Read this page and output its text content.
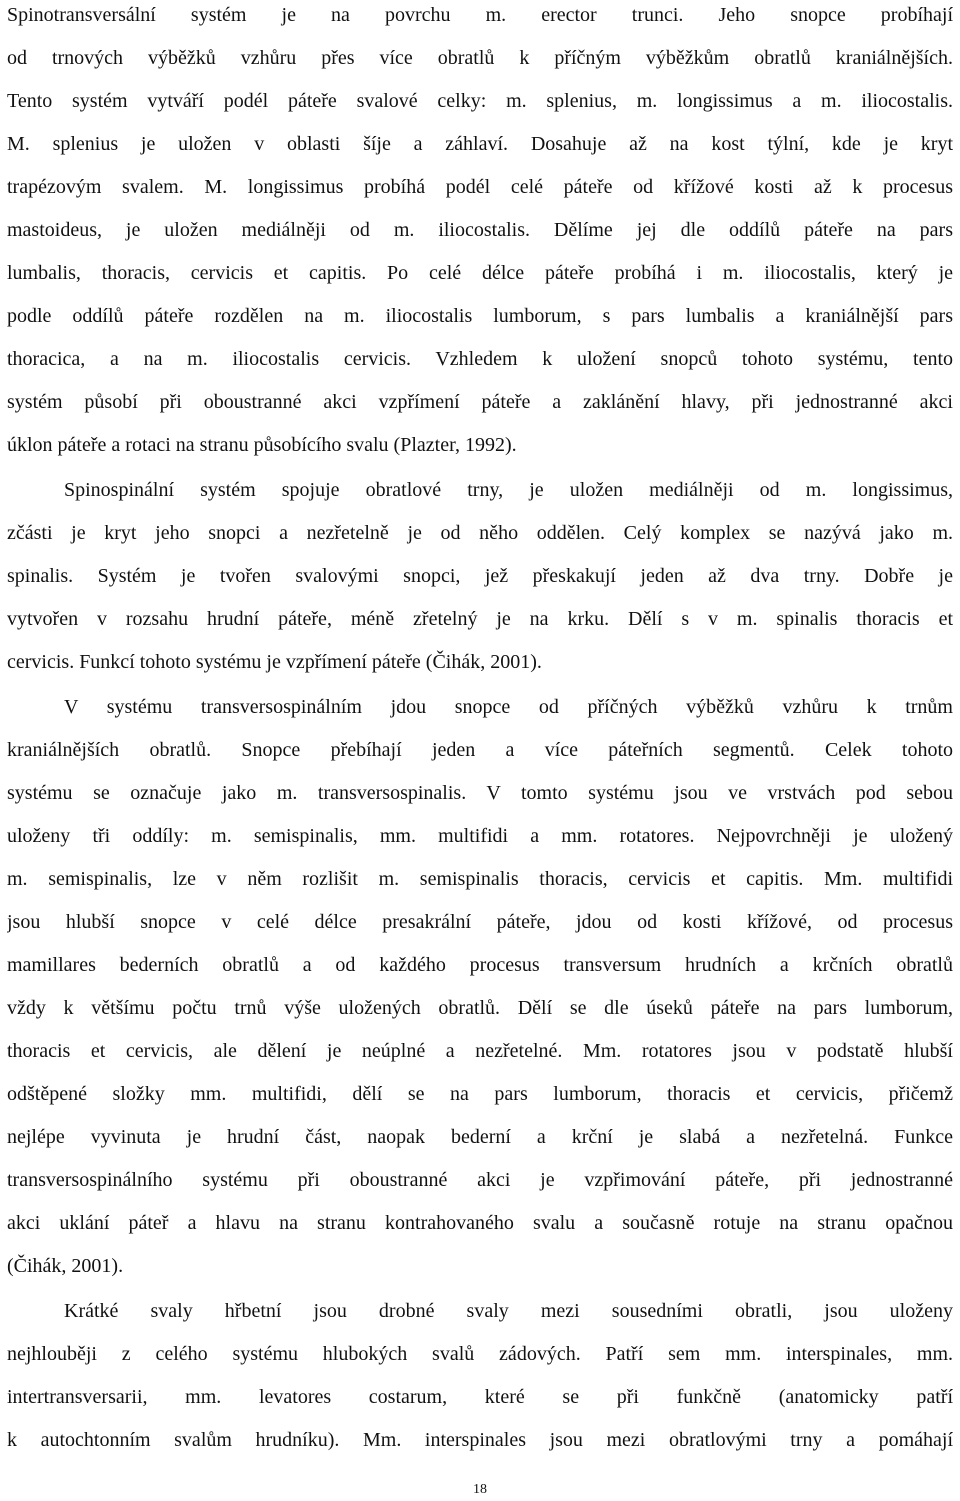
Spinotransversální systém je na povrchu m. erector trunci. Jeho snopce probíhají
od trnových výběžků vzhůru přes více obratlů k příčným výběžkům obratlů kraniálnějších.
Tento systém vytváří podél páteře svalové celky: m. splenius, m. longissimus a m. iliocostalis.
M. splenius je uložen v oblasti šíje a záhlaví. Dosahuje až na kost týlní, kde je kryt
trapézovým svalem. M. longissimus probíhá podél celé páteře od křížové kosti až k procesus
mastoideus, je uložen mediálněji od m. iliocostalis. Dělíme jej dle oddílů páteře na pars
lumbalis, thoracis, cervicis et capitis. Po celé délce páteře probíhá i m. iliocostalis, který je
podle oddílů páteře rozdělen na m. iliocostalis lumborum, s pars lumbalis a kraniálnější pars
thoracica, a na m. iliocostalis cervicis. Vzhledem k uložení snopců tohoto systému, tento
systém působí při oboustranné akci vzpřímení páteře a zaklánění hlavy, při jednostranné akci
úklon páteře a rotaci na stranu působícího svalu (Plazter, 1992).
Spinospinální systém spojuje obratlové trny, je uložen mediálněji od m. longissimus,
zčásti je kryt jeho snopci a nezřetelně je od něho oddělen. Celý komplex se nazývá jako m.
spinalis. Systém je tvořen svalovými snopci, jež přeskakují jeden až dva trny. Dobře je
vytvořen v rozsahu hrudní páteře, méně zřetelný je na krku. Dělí s v m. spinalis thoracis et
cervicis. Funkcí tohoto systému je vzpřímení páteře (Čihák, 2001).
V systému transversospinálním jdou snopce od příčných výběžků vzhůru k trnům
kraniálnějších obratlů. Snopce přebíhají jeden a více páteřních segmentů. Celek tohoto
systému se označuje jako m. transversospinalis. V tomto systému jsou ve vrstvách pod sebou
uloženy tři oddíly: m. semispinalis, mm. multifidi a mm. rotatores. Nejpovrchněji je uložený
m. semispinalis, lze v něm rozlišit m. semispinalis thoracis, cervicis et capitis. Mm. multifidi
jsou hlubší snopce v celé délce presakrální páteře, jdou od kosti křížové, od procesus
mamillares bederních obratlů a od každého procesus transversum hrudních a krčních obratlů
vždy k většímu počtu trnů výše uložených obratlů. Dělí se dle úseků páteře na pars lumborum,
thoracis et cervicis, ale dělení je neúplné a nezřetelné. Mm. rotatores jsou v podstatě hlubší
odštěpené složky mm. multifidi, dělí se na pars lumborum, thoracis et cervicis, přičemž
nejlépe vyvinuta je hrudní část, naopak bederní a krční je slabá a nezřetelná. Funkce
transversospinálního systému při oboustranné akci je vzpřimování páteře, při jednostranné
akci uklání páteř a hlavu na stranu kontrahovaného svalu a současně rotuje na stranu opačnou
(Čihák, 2001).
Krátké svaly hřbetní jsou drobné svaly mezi sousedními obratli, jsou uloženy
nejhlouběji z celého systému hlubokých svalů zádových. Patří sem mm. interspinales, mm.
intertransversarii, mm. levatores costarum, které se při funkčně (anatomicky patří
k autochtonním svalům hrudníku). Mm. interspinales jsou mezi obratlovými trny a pomáhají
18
